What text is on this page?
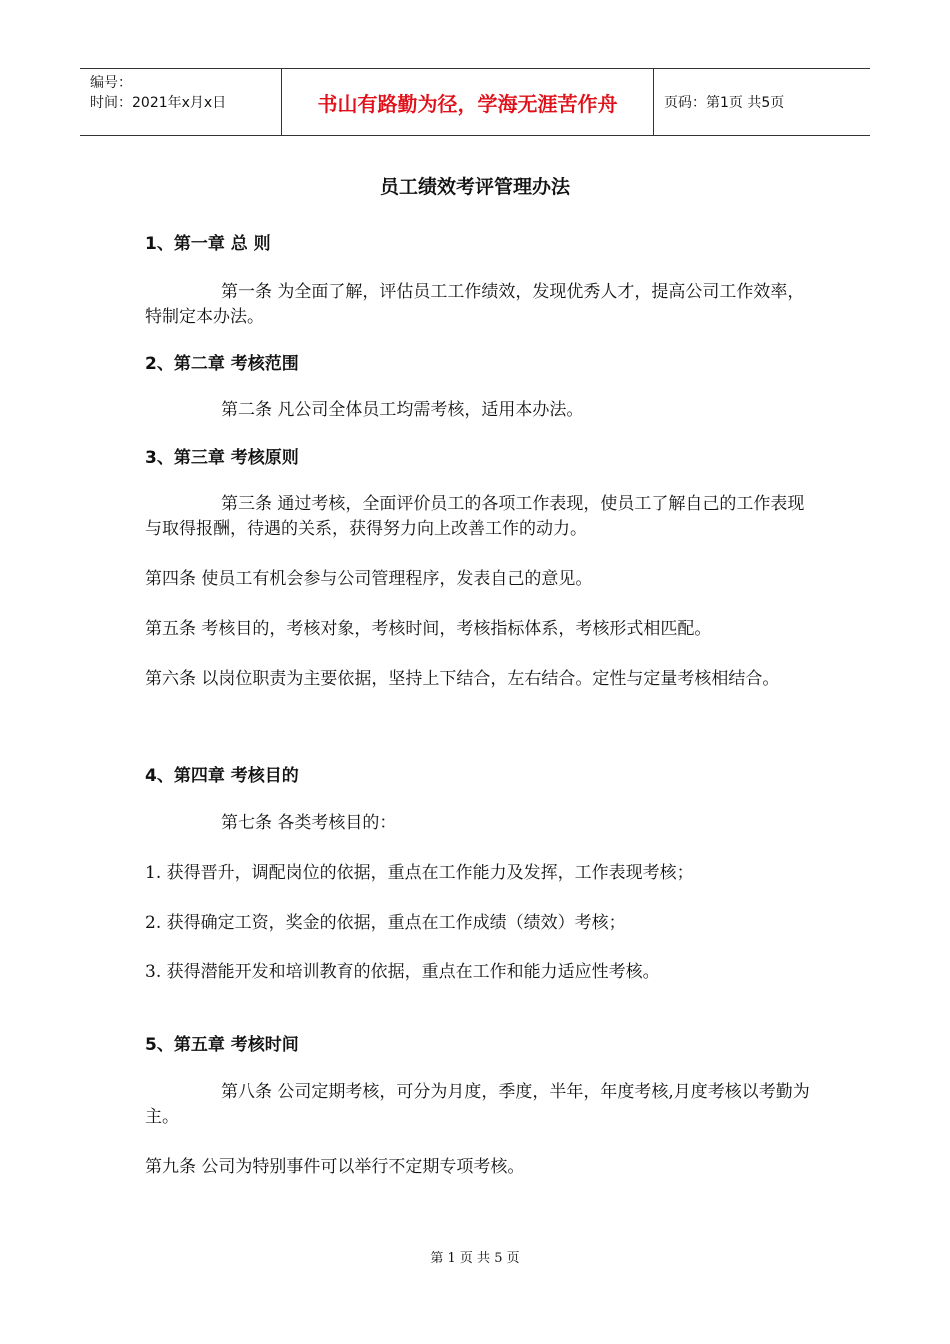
编号：
时间：2021年x月x日	书山有路勤为径，学海无涯苦作舟	页码：第1页 共5页
员工绩效考评管理办法
1、第一章 总 则
第一条 为全面了解，评估员工工作绩效，发现优秀人才，提高公司工作效率，特制定本办法。
2、第二章 考核范围
第二条 凡公司全体员工均需考核，适用本办法。
3、第三章 考核原则
第三条 通过考核，全面评价员工的各项工作表现，使员工了解自己的工作表现与取得报酬，待遇的关系，获得努力向上改善工作的动力。
第四条 使员工有机会参与公司管理程序，发表自己的意见。
第五条 考核目的，考核对象，考核时间，考核指标体系，考核形式相匹配。
第六条 以岗位职责为主要依据，坚持上下结合，左右结合。定性与定量考核相结合。
4、第四章 考核目的
第七条 各类考核目的：
1. 获得晋升，调配岗位的依据，重点在工作能力及发挥，工作表现考核；
2. 获得确定工资，奖金的依据，重点在工作成绩（绩效）考核；
3. 获得潜能开发和培训教育的依据，重点在工作和能力适应性考核。
5、第五章 考核时间
第八条 公司定期考核，可分为月度，季度，半年，年度考核,月度考核以考勤为主。
第九条 公司为特别事件可以举行不定期专项考核。
第 1 页 共 5 页
